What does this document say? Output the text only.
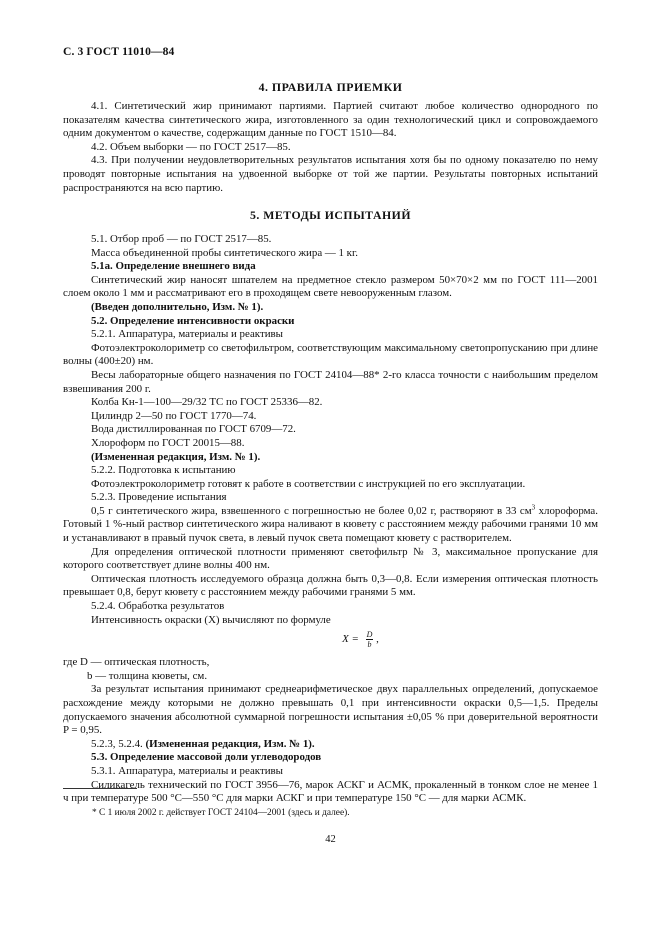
С. 3 ГОСТ 11010—84
4. ПРАВИЛА ПРИЕМКИ

4.1. Синтетический жир принимают партиями. Партией считают любое количество однородного по показателям качества синтетического жира, изготовленного за один технологический цикл и сопровождаемого одним документом о качестве, содержащим данные по ГОСТ 1510—84.

4.2. Объем выборки — по ГОСТ 2517—85.

4.3. При получении неудовлетворительных результатов испытания хотя бы по одному показателю по нему проводят повторные испытания на удвоенной выборке от той же партии. Результаты повторных испытаний распространяются на всю партию.

5. МЕТОДЫ ИСПЫТАНИЙ

5.1. Отбор проб — по ГОСТ 2517—85.

Масса объединенной пробы синтетического жира — 1 кг.

5.1а. Определение внешнего вида

Синтетический жир наносят шпателем на предметное стекло размером 50×70×2 мм по ГОСТ 111—2001 слоем около 1 мм и рассматривают его в проходящем свете невооруженным глазом.

(Введен дополнительно, Изм. № 1).

5.2. Определение интенсивности окраски

5.2.1. Аппаратура, материалы и реактивы

Фотоэлектроколориметр со светофильтром, соответствующим максимальному светопропусканию при длине волны (400±20) нм.

Весы лабораторные общего назначения по ГОСТ 24104—88* 2-го класса точности с наибольшим пределом взвешивания 200 г.

Колба Кн-1—100—29/32 ТС по ГОСТ 25336—82.

Цилиндр 2—50 по ГОСТ 1770—74.

Вода дистиллированная по ГОСТ 6709—72.

Хлороформ по ГОСТ 20015—88.

(Измененная редакция, Изм. № 1).

5.2.2. Подготовка к испытанию

Фотоэлектроколориметр готовят к работе в соответствии с инструкцией по его эксплуатации.

5.2.3. Проведение испытания

0,5 г синтетического жира, взвешенного с погрешностью не более 0,02 г, растворяют в 33 $см^3$ хлороформа. Готовый 1 %-ный раствор синтетического жира наливают в кювету с расстоянием между рабочими гранями 10 мм и устанавливают в правый пучок света, в левый пучок света помещают кювету с растворителем.

Для определения оптической плотности применяют светофильтр № 3, максимальное пропускание для которого соответствует длине волны 400 нм.

Оптическая плотность исследуемого образца должна быть 0,3—0,8. Если измерения оптическая плотность превышает 0,8, берут кювету с расстоянием между рабочими гранями 5 мм.

5.2.4. Обработка результатов

Интенсивность окраски (X) вычисляют по формуле

$X = \frac{D}{b}$ ,

где D — оптическая плотность,

b — толщина кюветы, см.

За результат испытания принимают среднеарифметическое двух параллельных определений, допускаемое расхождение между которыми не должно превышать 0,1 при интенсивности окраски 0,5—1,5. Пределы допускаемого значения абсолютной суммарной погрешности испытания ±0,05 % при доверительной вероятности P = 0,95.

5.2.3, 5.2.4. (Измененная редакция, Изм. № 1).

5.3. Определение массовой доли углеводородов

5.3.1. Аппаратура, материалы и реактивы

Силикагель технический по ГОСТ 3956—76, марок АСКГ и АСМК, прокаленный в тонком слое не менее 1 ч при температуре 500 °С—550 °С для марки АСКГ и при температуре 150 °С — для марки АСМК.

* С 1 июля 2002 г. действует ГОСТ 24104—2001 (здесь и далее).
42
